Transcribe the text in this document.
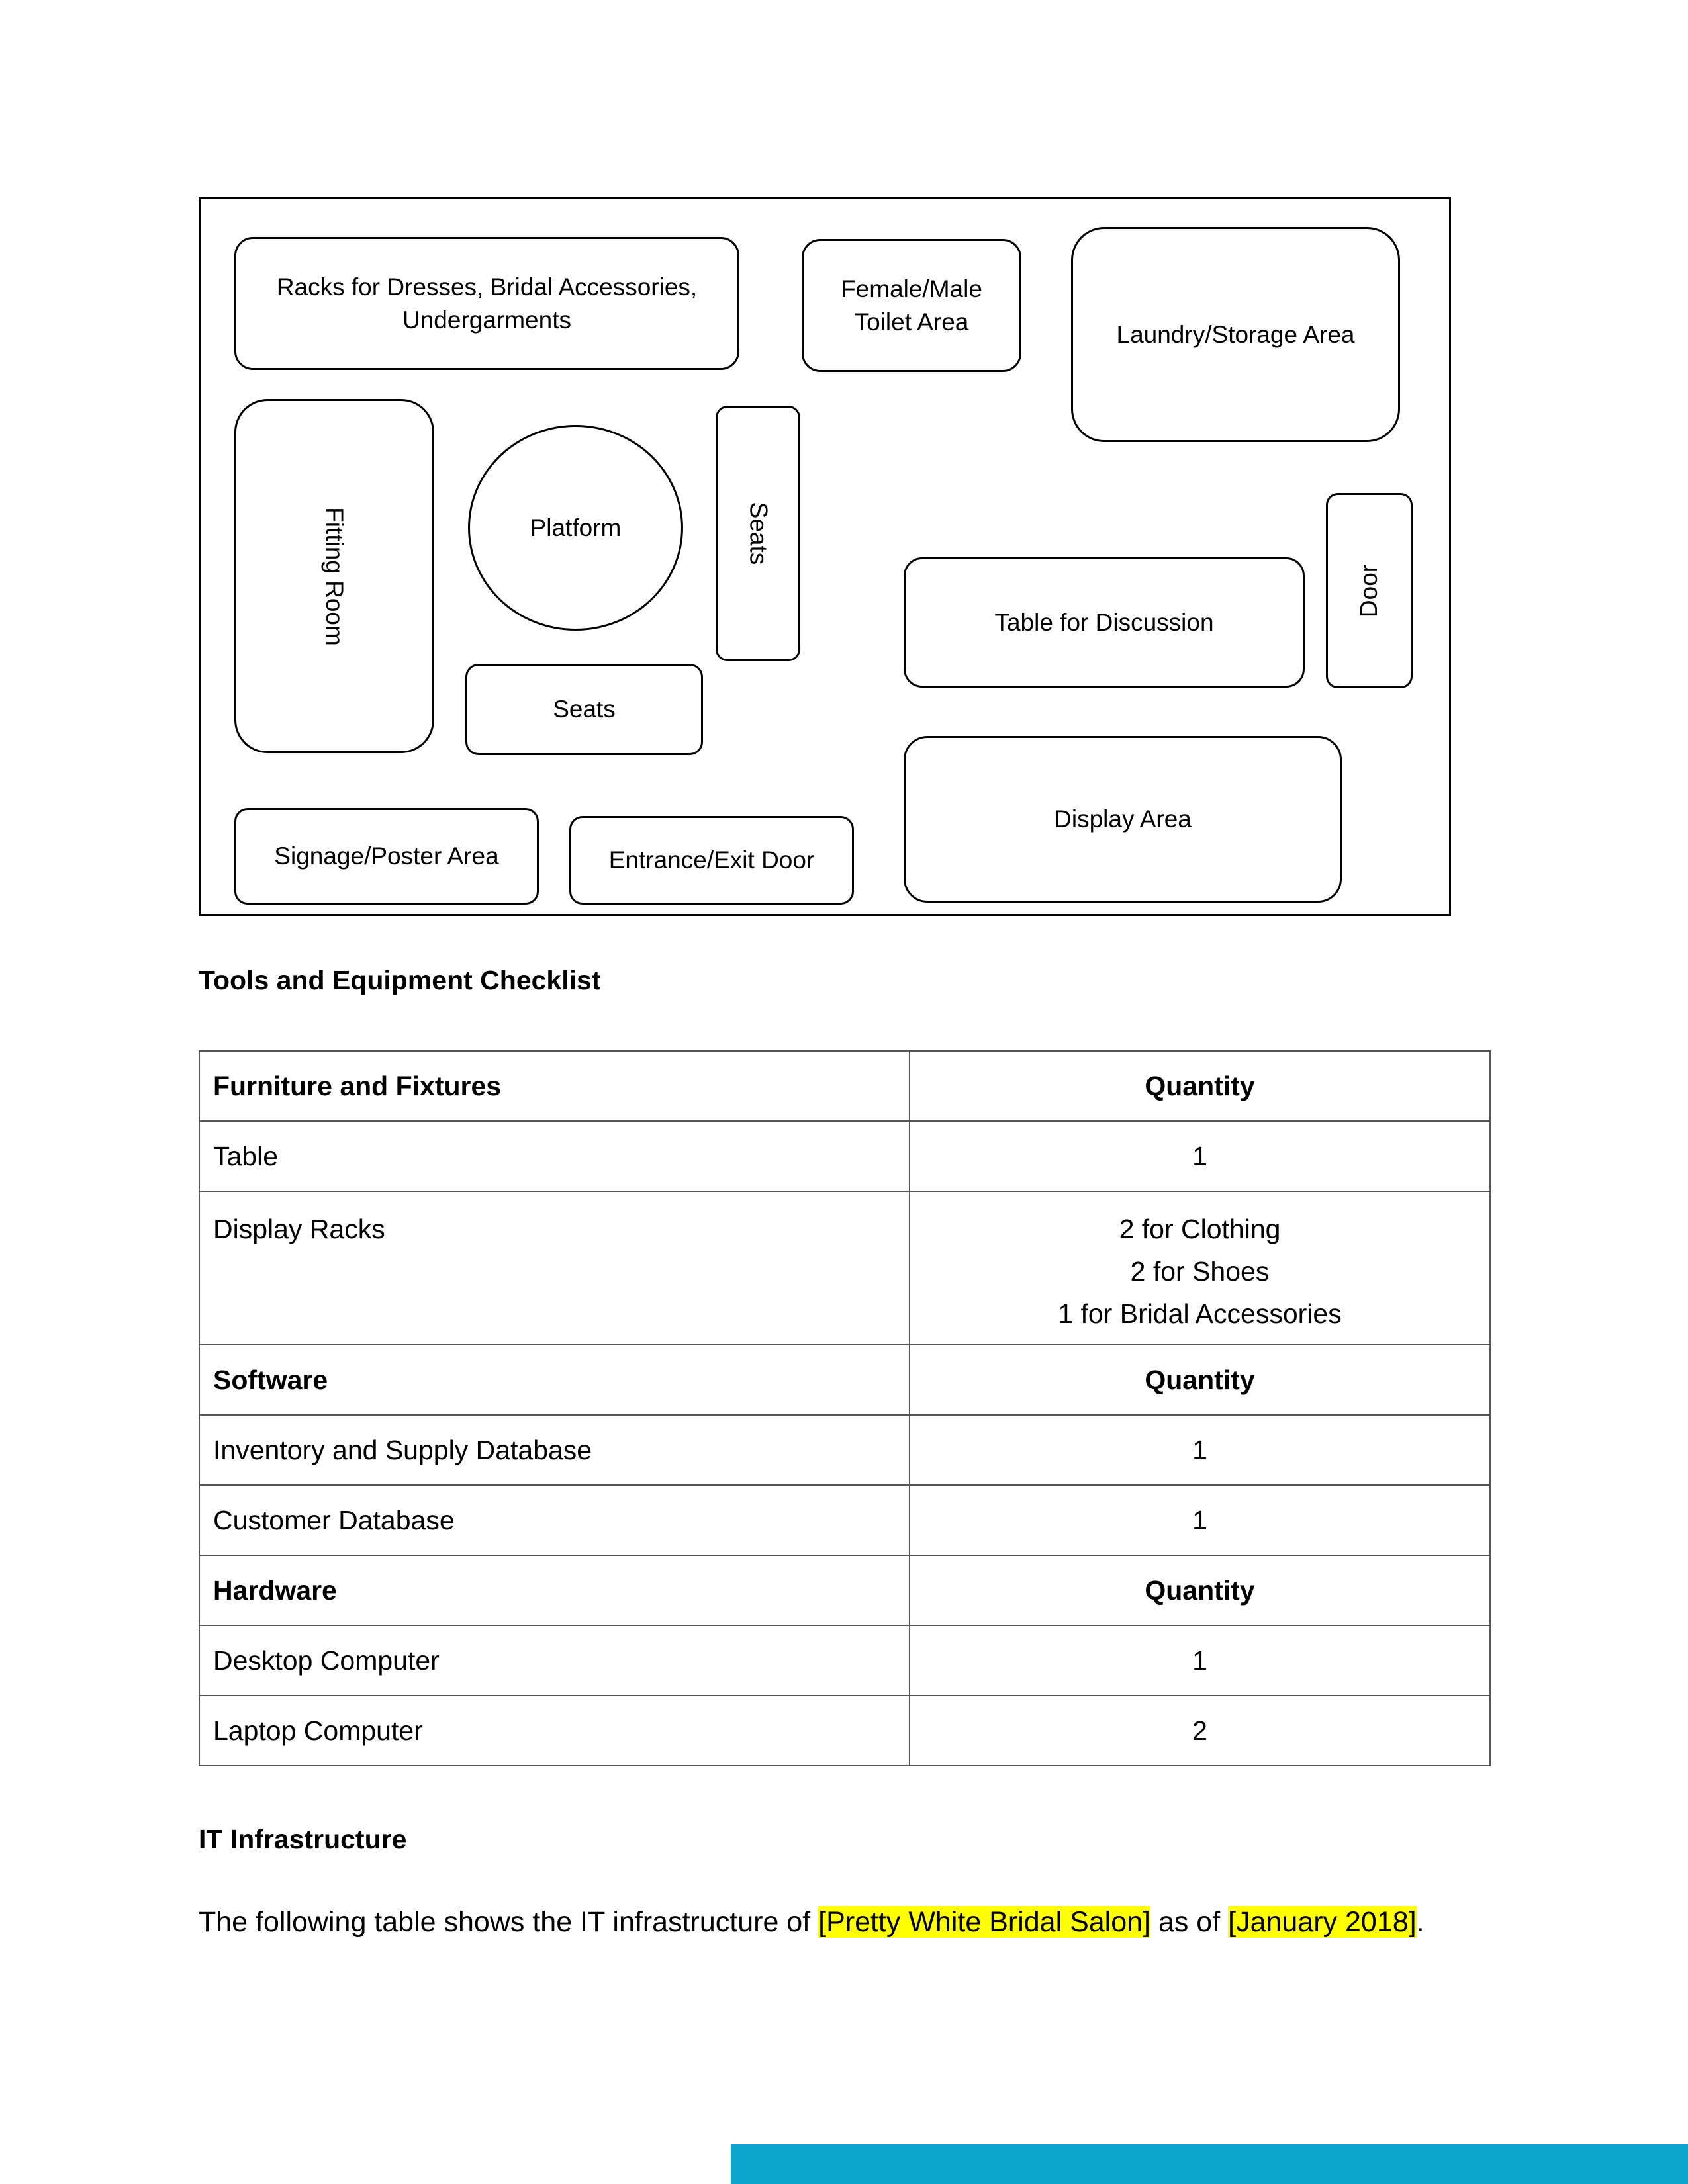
Racks for Dresses, Bridal Accessories, Undergarments
Female/Male Toilet Area	Laundry/Storage Area
Fitting Room	Platform	Seats
Seats
Door
Table for Discussion
Display Area
Signage/Poster Area	Entrance/Exit Door
Tools and Equipment Checklist
Furniture and Fixtures	Quantity
Table	1
Display Racks	2 for Clothing
2 for Shoes
1 for Bridal Accessories

Software	Quantity
Inventory and Supply Database	1
Customer Database	1
Hardware	Quantity
Desktop Computer	1
Laptop Computer	2
IT Infrastructure
The following table shows the IT infrastructure of [Pretty White Bridal Salon] as of [January 2018].
